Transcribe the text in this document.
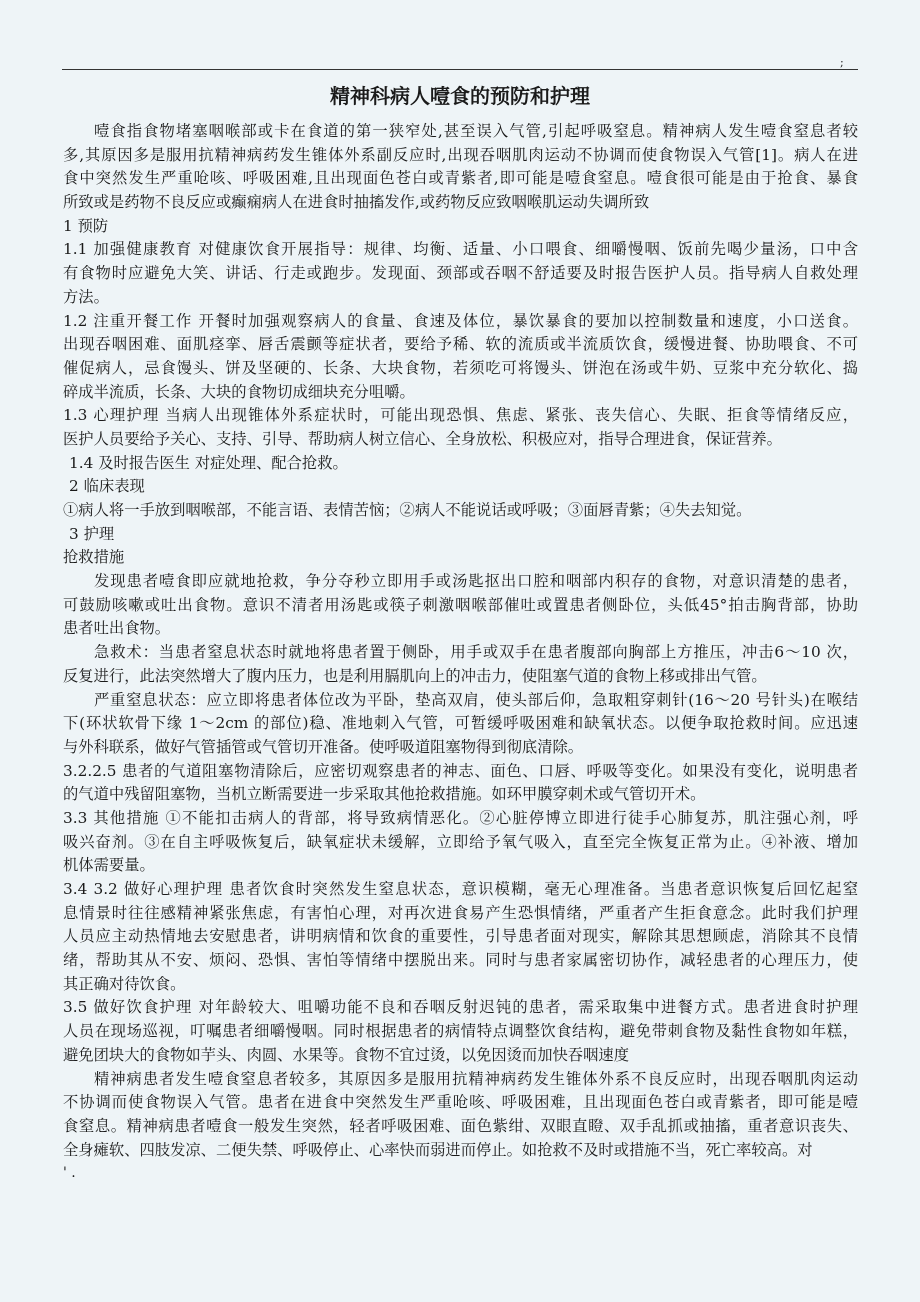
;
精神科病人噎食的预防和护理
噎食指食物堵塞咽喉部或卡在食道的第一狭窄处,甚至误入气管,引起呼吸窒息。精神病人发生噎食窒息者较
多,其原因多是服用抗精神病药发生锥体外系副反应时,出现吞咽肌肉运动不协调而使食物误入气管[1]。病人在进
食中突然发生严重呛咳、呼吸困难,且出现面色苍白或青紫者,即可能是噎食窒息。噎食很可能是由于抢食、暴食
所致或是药物不良反应或癫痫病人在进食时抽搐发作,或药物反应致咽喉肌运动失调所致
1 预防
1.1 加强健康教育 对健康饮食开展指导：规律、均衡、适量、小口喂食、细嚼慢咽、饭前先喝少量汤，口中含
有食物时应避免大笑、讲话、行走或跑步。发现面、颈部或吞咽不舒适要及时报告医护人员。指导病人自救处理
方法。
1.2 注重开餐工作 开餐时加强观察病人的食量、食速及体位，暴饮暴食的要加以控制数量和速度，小口送食。
出现吞咽困难、面肌痉挛、唇舌震颤等症状者，要给予稀、软的流质或半流质饮食，缓慢进餐、协助喂食、不可
催促病人，忌食馒头、饼及坚硬的、长条、大块食物，若须吃可将馒头、饼泡在汤或牛奶、豆浆中充分软化、捣
碎成半流质，长条、大块的食物切成细块充分咀嚼。
1.3 心理护理 当病人出现锥体外系症状时，可能出现恐惧、焦虑、紧张、丧失信心、失眠、拒食等情绪反应，
医护人员要给予关心、支持、引导、帮助病人树立信心、全身放松、积极应对，指导合理进食，保证营养。
1.4 及时报告医生 对症处理、配合抢救。
2 临床表现
①病人将一手放到咽喉部，不能言语、表情苦恼；②病人不能说话或呼吸；③面唇青紫；④失去知觉。
3 护理
抢救措施
发现患者噎食即应就地抢救，争分夺秒立即用手或汤匙抠出口腔和咽部内积存的食物，对意识清楚的患者，
可鼓励咳嗽或吐出食物。意识不清者用汤匙或筷子刺激咽喉部催吐或置患者侧卧位，头低45°拍击胸背部，协助
患者吐出食物。
急救术：当患者窒息状态时就地将患者置于侧卧，用手或双手在患者腹部向胸部上方推压，冲击6～10 次，
反复进行，此法突然增大了腹内压力，也是利用膈肌向上的冲击力，使阻塞气道的食物上移或排出气管。
严重窒息状态：应立即将患者体位改为平卧，垫高双肩，使头部后仰，急取粗穿刺针(16～20 号针头)在喉结
下(环状软骨下缘 1～2cm 的部位)稳、准地刺入气管，可暂缓呼吸困难和缺氧状态。以便争取抢救时间。应迅速
与外科联系，做好气管插管或气管切开准备。使呼吸道阻塞物得到彻底清除。
3.2.2.5 患者的气道阻塞物清除后，应密切观察患者的神志、面色、口唇、呼吸等变化。如果没有变化，说明患者
的气道中残留阻塞物，当机立断需要进一步采取其他抢救措施。如环甲膜穿刺术或气管切开术。
3.3 其他措施 ①不能扣击病人的背部，将导致病情恶化。②心脏停博立即进行徒手心肺复苏，肌注强心剂，呼
吸兴奋剂。③在自主呼吸恢复后，缺氧症状未缓解，立即给予氧气吸入，直至完全恢复正常为止。④补液、增加
机体需要量。
3.4 3.2 做好心理护理 患者饮食时突然发生窒息状态，意识模糊，毫无心理准备。当患者意识恢复后回忆起窒
息情景时往往感精神紧张焦虑，有害怕心理，对再次进食易产生恐惧情绪，严重者产生拒食意念。此时我们护理
人员应主动热情地去安慰患者，讲明病情和饮食的重要性，引导患者面对现实，解除其思想顾虑，消除其不良情
绪，帮助其从不安、烦闷、恐惧、害怕等情绪中摆脱出来。同时与患者家属密切协作，减轻患者的心理压力，使
其正确对待饮食。
3.5 做好饮食护理 对年龄较大、咀嚼功能不良和吞咽反射迟钝的患者，需采取集中进餐方式。患者进食时护理
人员在现场巡视，叮嘱患者细嚼慢咽。同时根据患者的病情特点调整饮食结构，避免带刺食物及黏性食物如年糕，
避免团块大的食物如芋头、肉圆、水果等。食物不宜过烫，以免因烫而加快吞咽速度
精神病患者发生噎食窒息者较多，其原因多是服用抗精神病药发生锥体外系不良反应时，出现吞咽肌肉运动
不协调而使食物误入气管。患者在进食中突然发生严重呛咳、呼吸困难，且出现面色苍白或青紫者，即可能是噎
食窒息。精神病患者噎食一般发生突然，轻者呼吸困难、面色紫绀、双眼直瞪、双手乱抓或抽搐，重者意识丧失、
全身瘫软、四肢发凉、二便失禁、呼吸停止、心率快而弱进而停止。如抢救不及时或措施不当，死亡率较高。对
' .
